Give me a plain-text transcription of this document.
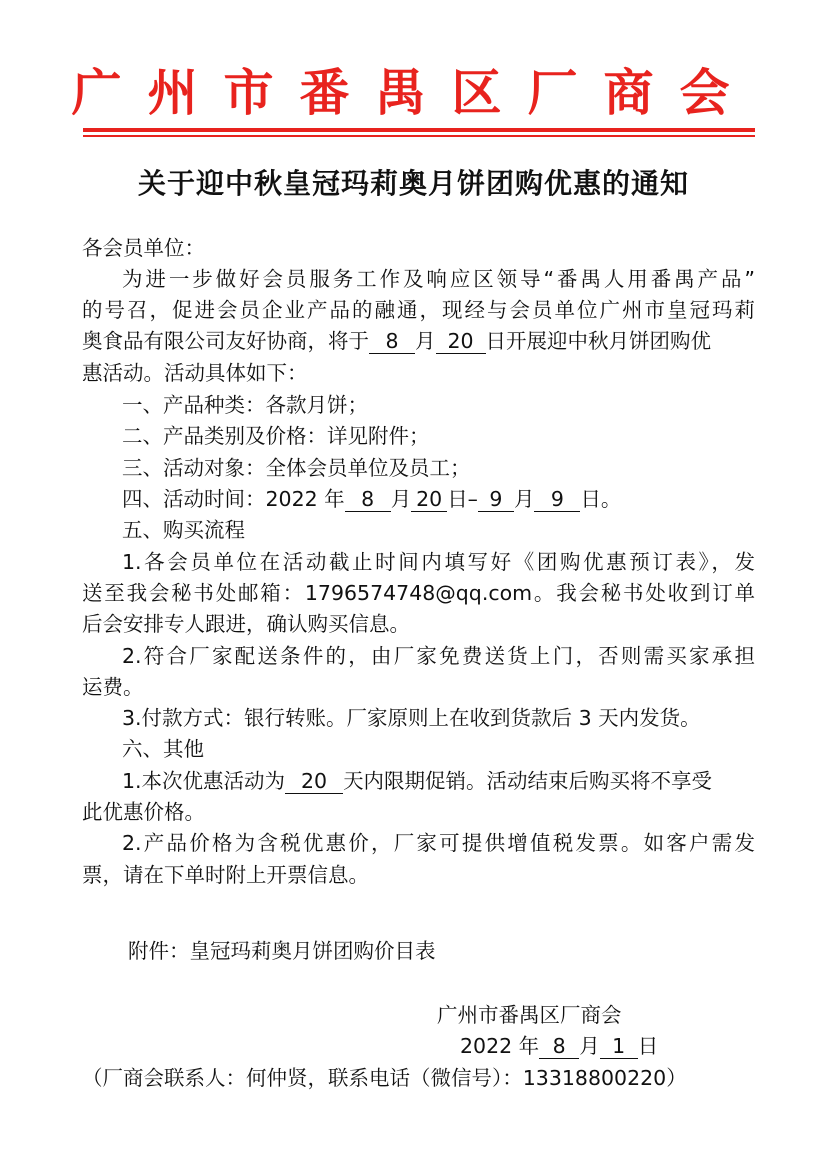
广州市番禺区厂商会
关于迎中秋皇冠玛莉奥月饼团购优惠的通知
各会员单位：
为进一步做好会员服务工作及响应区领导“番禺人用番禺产品”
的号召，促进会员企业产品的融通，现经与会员单位广州市皇冠玛莉
奥食品有限公司友好协商，将于 8 月 20 日开展迎中秋月饼团购优
惠活动。活动具体如下：
一、产品种类：各款月饼；
二、产品类别及价格：详见附件；
三、活动对象：全体会员单位及员工；
四、活动时间：2022 年 8 月 20 日– 9 月 9 日。
五、购买流程
1.各会员单位在活动截止时间内填写好《团购优惠预订表》，发
送至我会秘书处邮箱：1796574748@qq.com。我会秘书处收到订单
后会安排专人跟进，确认购买信息。
2.符合厂家配送条件的，由厂家免费送货上门，否则需买家承担
运费。
3.付款方式：银行转账。厂家原则上在收到货款后 3 天内发货。
六、其他
1.本次优惠活动为 20 天内限期促销。活动结束后购买将不享受
此优惠价格。
2.产品价格为含税优惠价，厂家可提供增值税发票。如客户需发
票，请在下单时附上开票信息。
附件：皇冠玛莉奥月饼团购价目表
广州市番禺区厂商会
2022 年 8 月 1 日
（厂商会联系人：何仲贤，联系电话（微信号）：13318800220）
